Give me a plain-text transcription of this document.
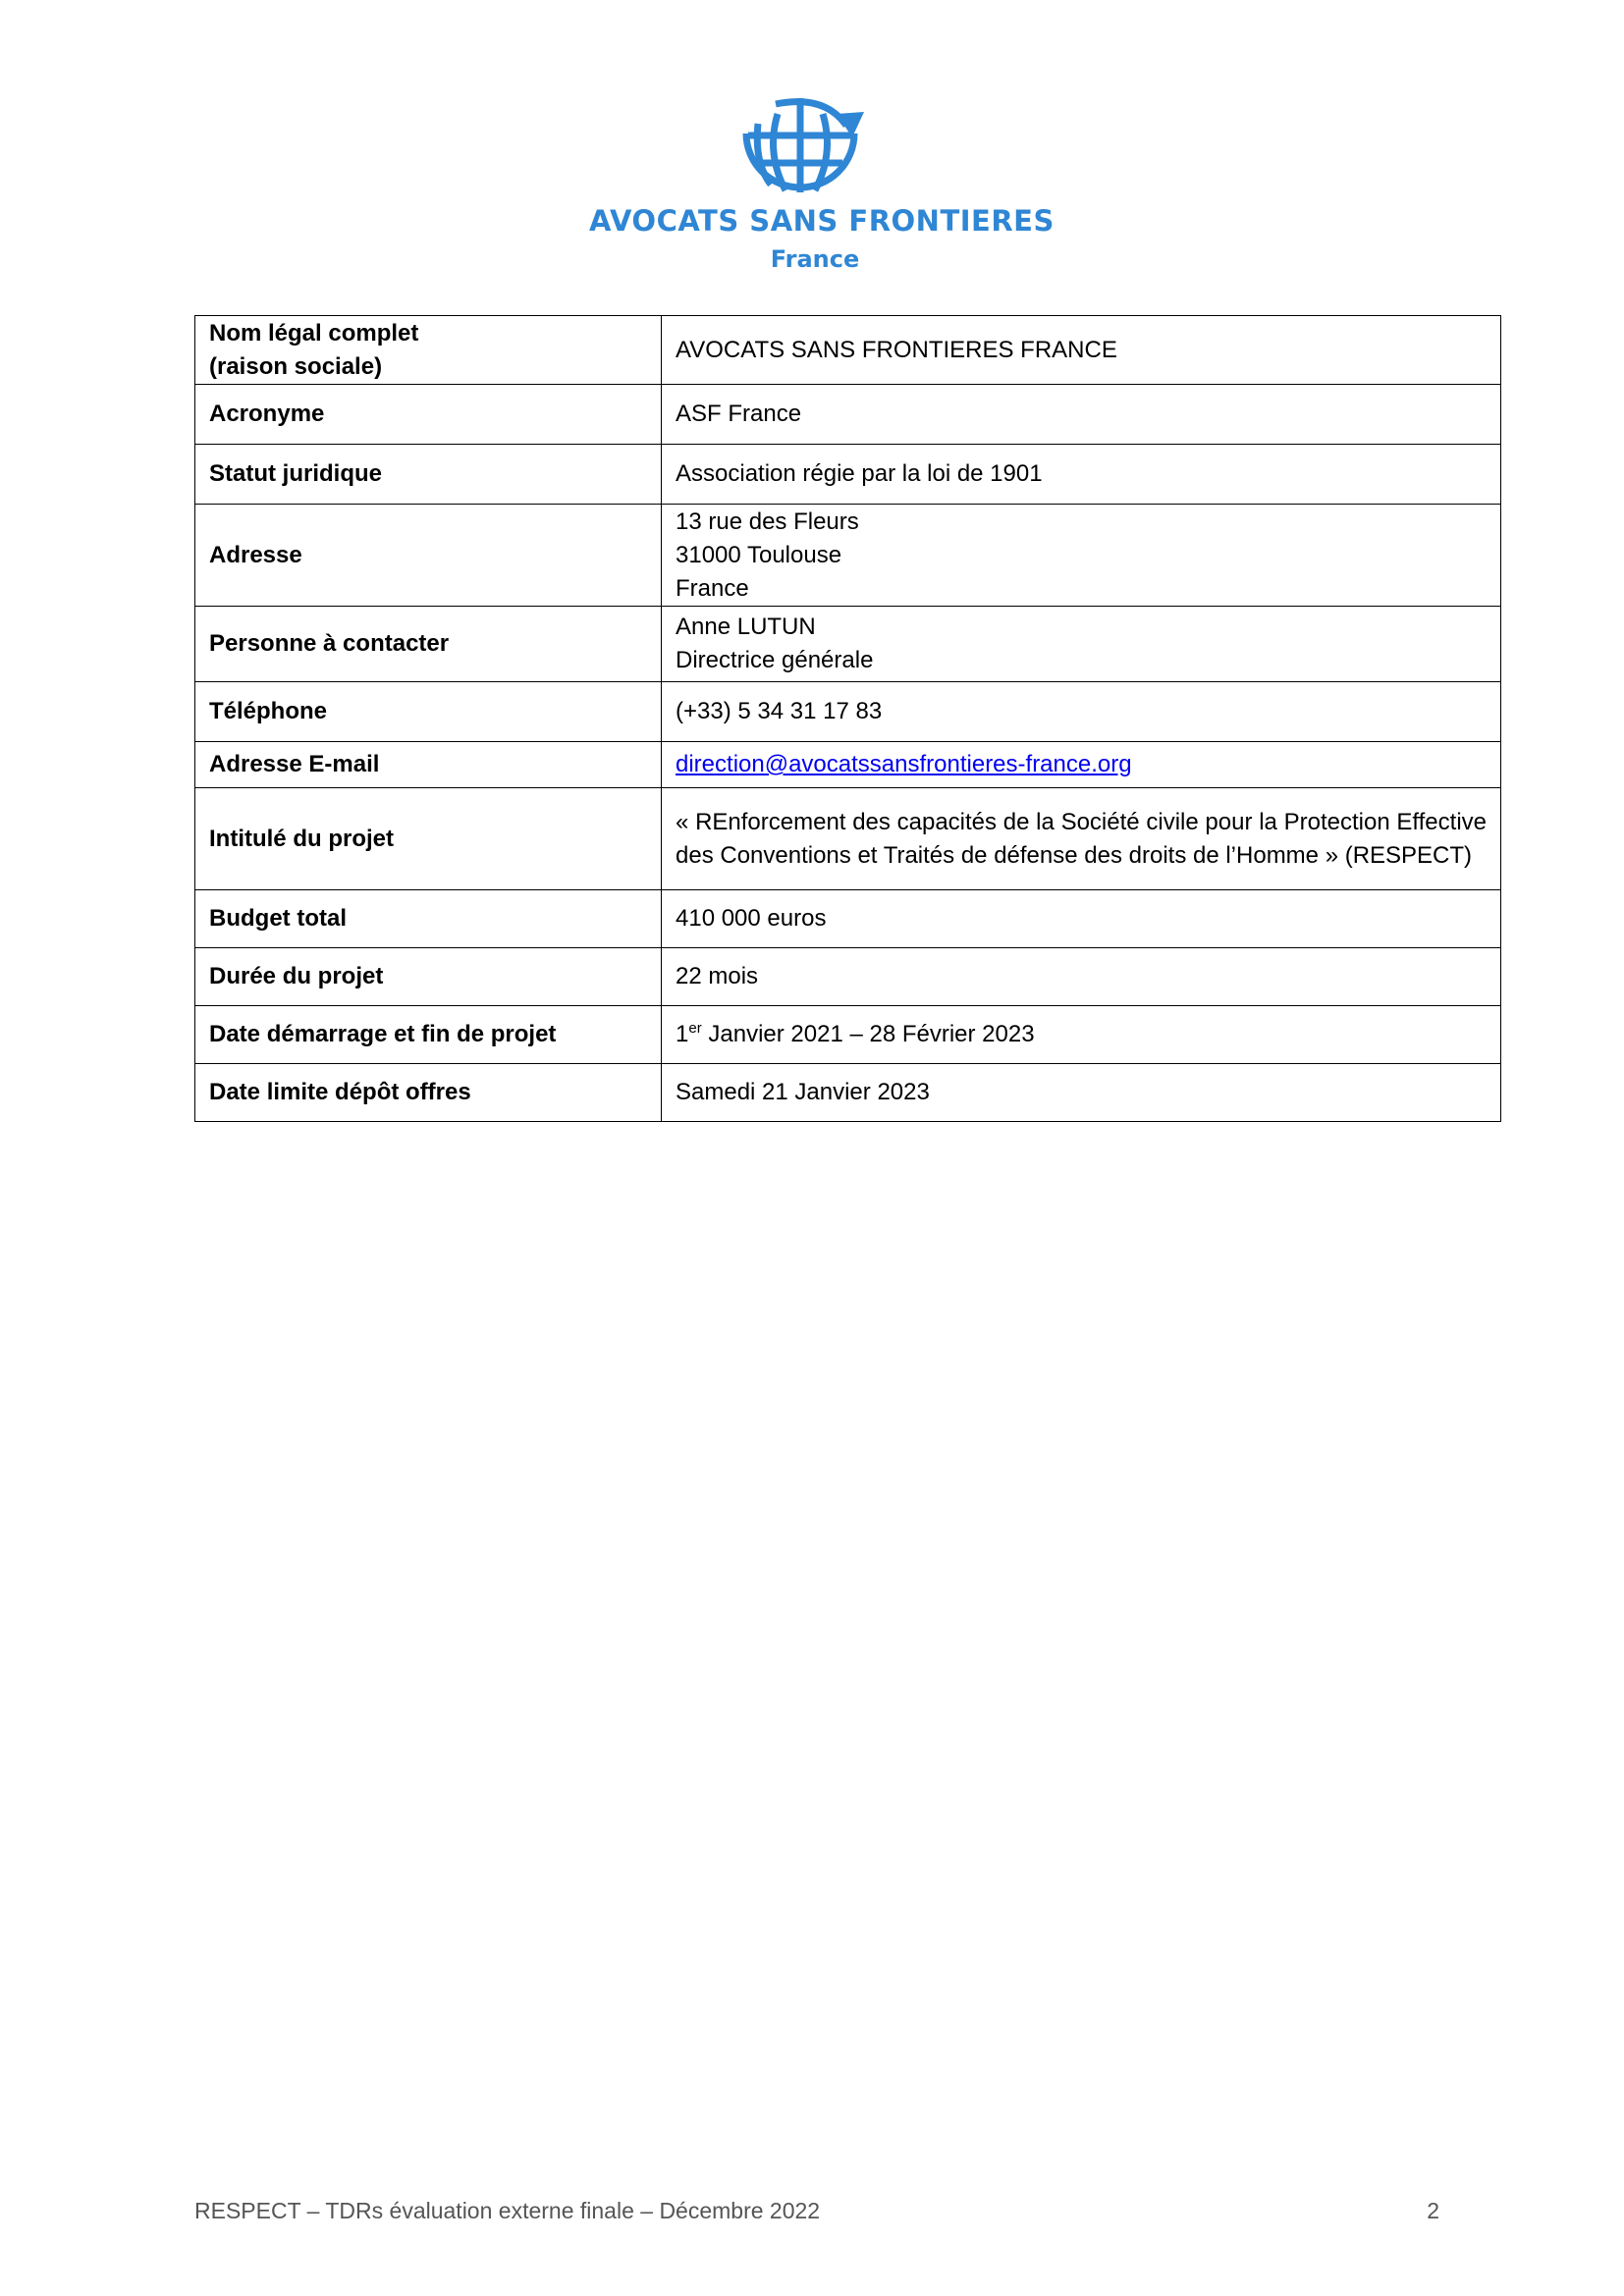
AVOCATS SANS FRONTIERES
France
Nom légal complet
(raison sociale)	AVOCATS SANS FRONTIERES FRANCE
Acronyme	ASF France
Statut juridique	Association régie par la loi de 1901
Adresse	13 rue des Fleurs
31000 Toulouse
France
Personne à contacter	Anne LUTUN
Directrice générale
Téléphone	(+33) 5 34 31 17 83
Adresse E-mail	direction@avocatssansfrontieres-france.org
Intitulé du projet	« REnforcement des capacités de la Société civile pour la Protection Effective des Conventions et Traités de défense des droits de l’Homme » (RESPECT)
Budget total	410 000 euros
Durée du projet	22 mois
Date démarrage et fin de projet	1er Janvier 2021 – 28 Février 2023
Date limite dépôt offres	Samedi 21 Janvier 2023
RESPECT – TDRs évaluation externe finale – Décembre 2022	2
